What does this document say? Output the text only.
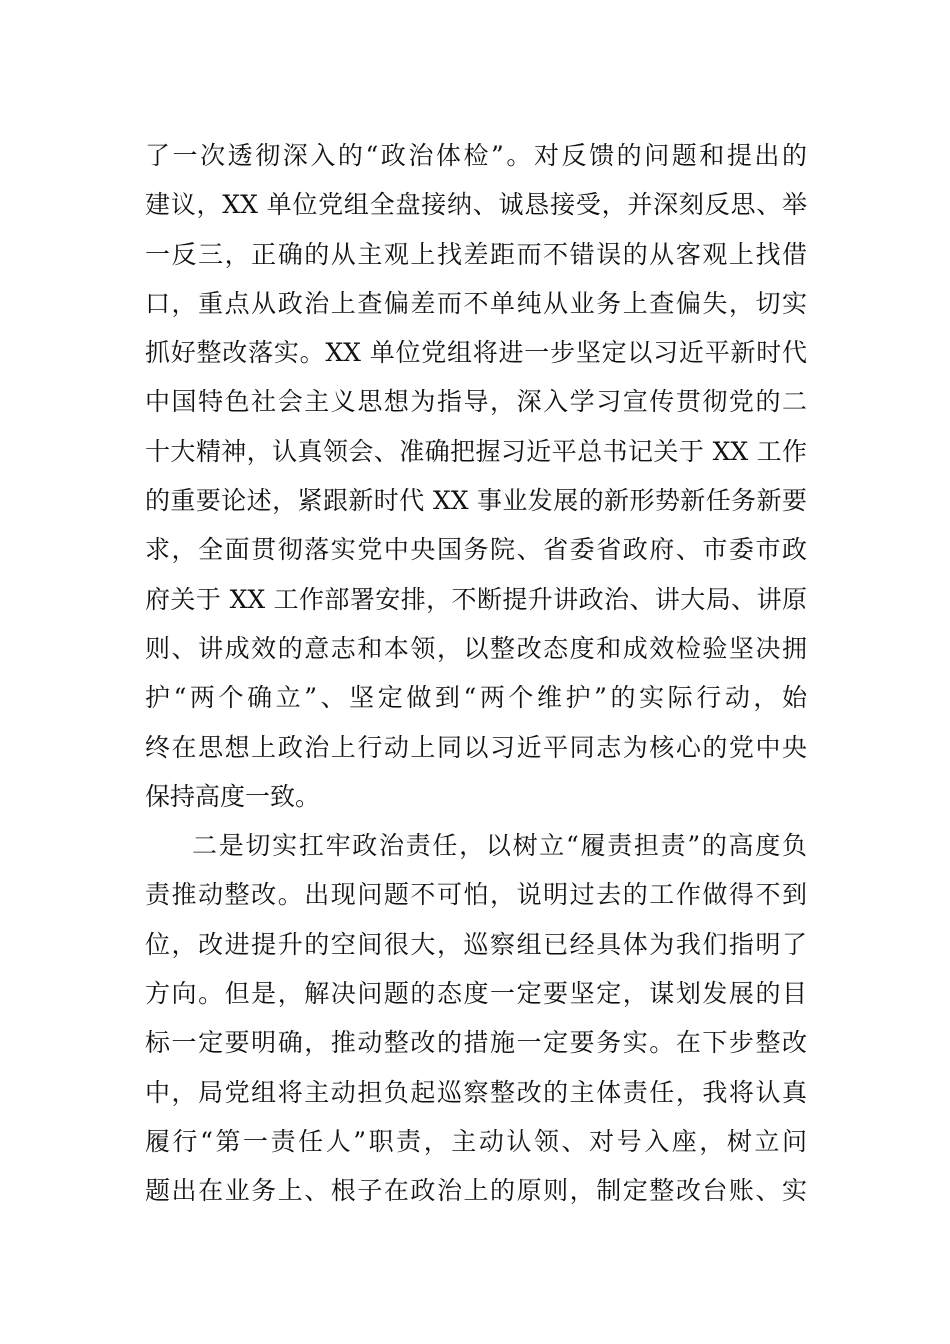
了一次透彻深入的“政治体检”。对反馈的问题和提出的
建议，XX 单位党组全盘接纳、诚恳接受，并深刻反思、举
一反三，正确的从主观上找差距而不错误的从客观上找借
口，重点从政治上查偏差而不单纯从业务上查偏失，切实
抓好整改落实。XX 单位党组将进一步坚定以习近平新时代
中国特色社会主义思想为指导，深入学习宣传贯彻党的二
十大精神，认真领会、准确把握习近平总书记关于 XX 工作
的重要论述，紧跟新时代 XX 事业发展的新形势新任务新要
求，全面贯彻落实党中央国务院、省委省政府、市委市政
府关于 XX 工作部署安排，不断提升讲政治、讲大局、讲原
则、讲成效的意志和本领，以整改态度和成效检验坚决拥
护“两个确立”、坚定做到“两个维护”的实际行动，始
终在思想上政治上行动上同以习近平同志为核心的党中央
保持高度一致。
二是切实扛牢政治责任，以树立“履责担责”的高度负
责推动整改。出现问题不可怕，说明过去的工作做得不到
位，改进提升的空间很大，巡察组已经具体为我们指明了
方向。但是，解决问题的态度一定要坚定，谋划发展的目
标一定要明确，推动整改的措施一定要务实。在下步整改
中，局党组将主动担负起巡察整改的主体责任，我将认真
履行“第一责任人”职责，主动认领、对号入座，树立问
题出在业务上、根子在政治上的原则，制定整改台账、实
